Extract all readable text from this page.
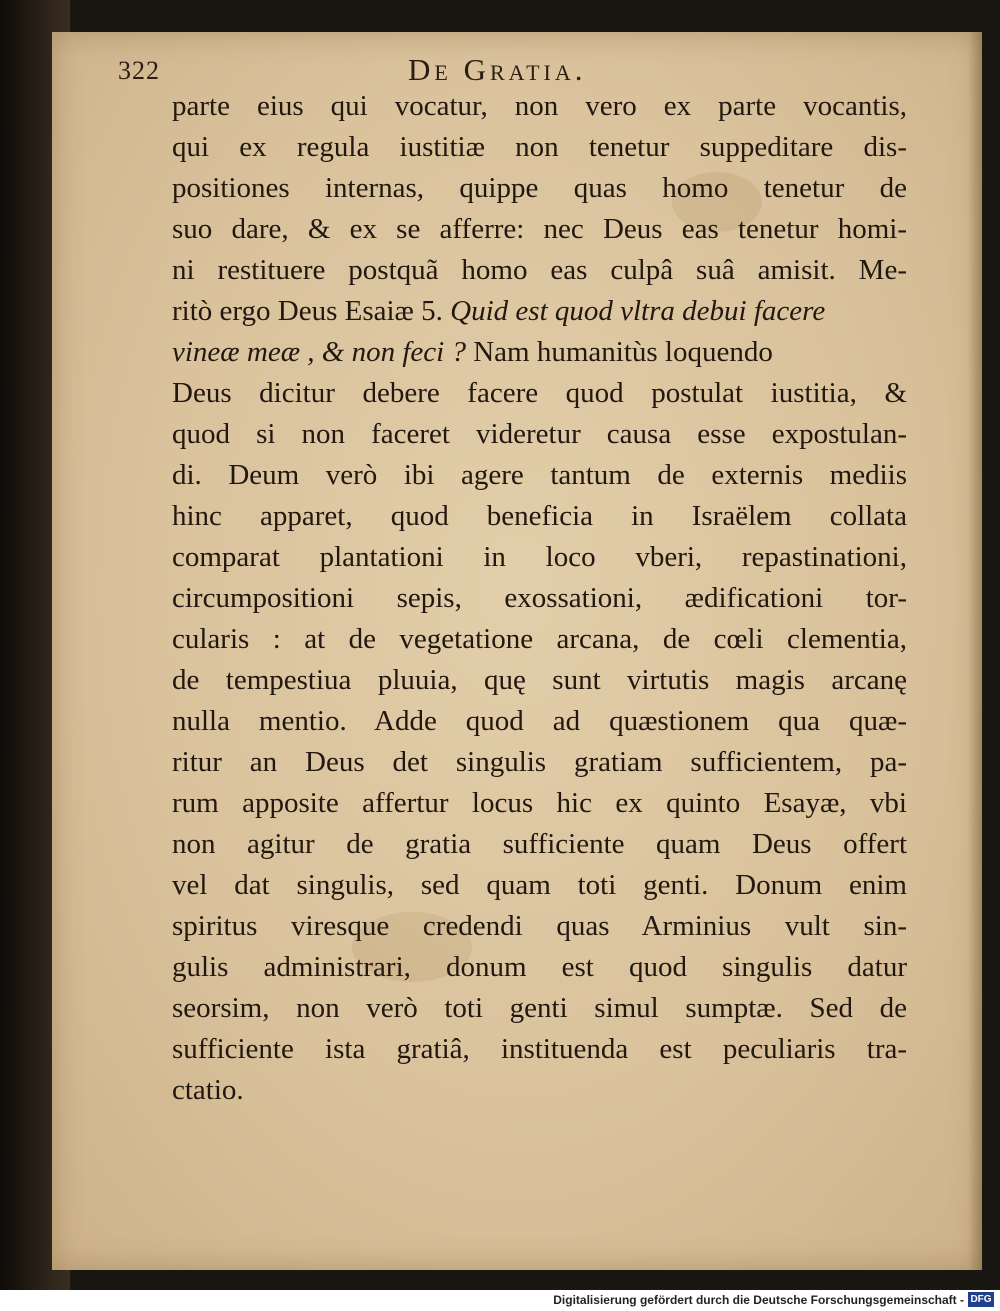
322	De Gratia.
parte eius qui vocatur, non vero ex parte vocantis,
qui ex regula iustitiæ non tenetur suppeditare dis-
positiones internas, quippe quas homo tenetur de
suo dare, & ex se afferre: nec Deus eas tenetur homi-
ni restituere postquã homo eas culpâ suâ amisit. Me-
ritò ergo Deus Esaiæ 5. Quid est quod vltra debui facere
vineæ meæ , & non feci ? Nam humanitùs loquendo
Deus dicitur debere facere quod postulat iustitia, &
quod si non faceret videretur causa esse expostulan-
di. Deum verò ibi agere tantum de externis mediis
hinc apparet, quod beneficia in Israëlem collata
comparat plantationi in loco vberi, repastinationi,
circumpositioni sepis, exossationi, ædificationi tor-
cularis : at de vegetatione arcana, de cœli clementia,
de tempestiua pluuia, quę sunt virtutis magis arcanę
nulla mentio. Adde quod ad quæstionem qua quæ-
ritur an Deus det singulis gratiam sufficientem, pa-
rum apposite affertur locus hic ex quinto Esayæ, vbi
non agitur de gratia sufficiente quam Deus offert
vel dat singulis, sed quam toti genti. Donum enim
spiritus viresque credendi quas Arminius vult sin-
gulis administrari, donum est quod singulis datur
seorsim, non verò toti genti simul sumptæ. Sed de
sufficiente ista gratiâ, instituenda est peculiaris tra-
ctatio.
Digitalisierung gefördert durch die Deutsche Forschungsgemeinschaft - DFG
